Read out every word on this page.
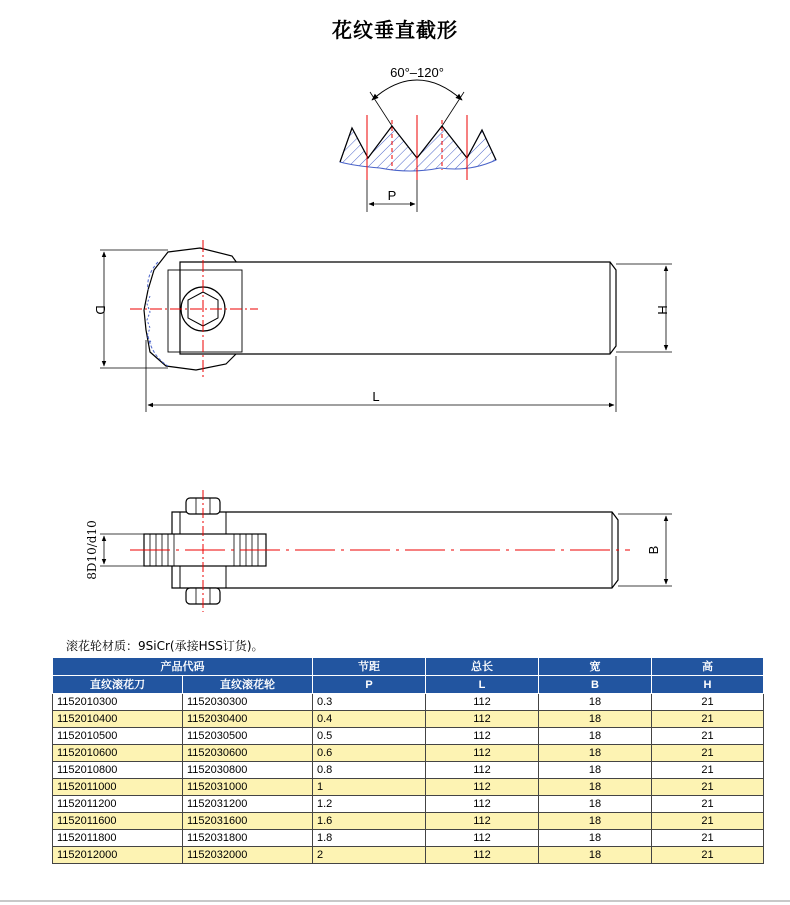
花纹垂直截形
60°–120°
P
D	H
L
8D10/d10	B
滚花轮材质：9SiCr(承接HSS订货)。
产品代码		节距	总长	宽	高
直纹滚花刀	直纹滚花轮	P	L	B	H
1152010300	1152030300	0.3	112	18	21
1152010400	1152030400	0.4	112	18	21
1152010500	1152030500	0.5	112	18	21
1152010600	1152030600	0.6	112	18	21
1152010800	1152030800	0.8	112	18	21
1152011000	1152031000	1	112	18	21
1152011200	1152031200	1.2	112	18	21
1152011600	1152031600	1.6	112	18	21
1152011800	1152031800	1.8	112	18	21
1152012000	1152032000	2	112	18	21
